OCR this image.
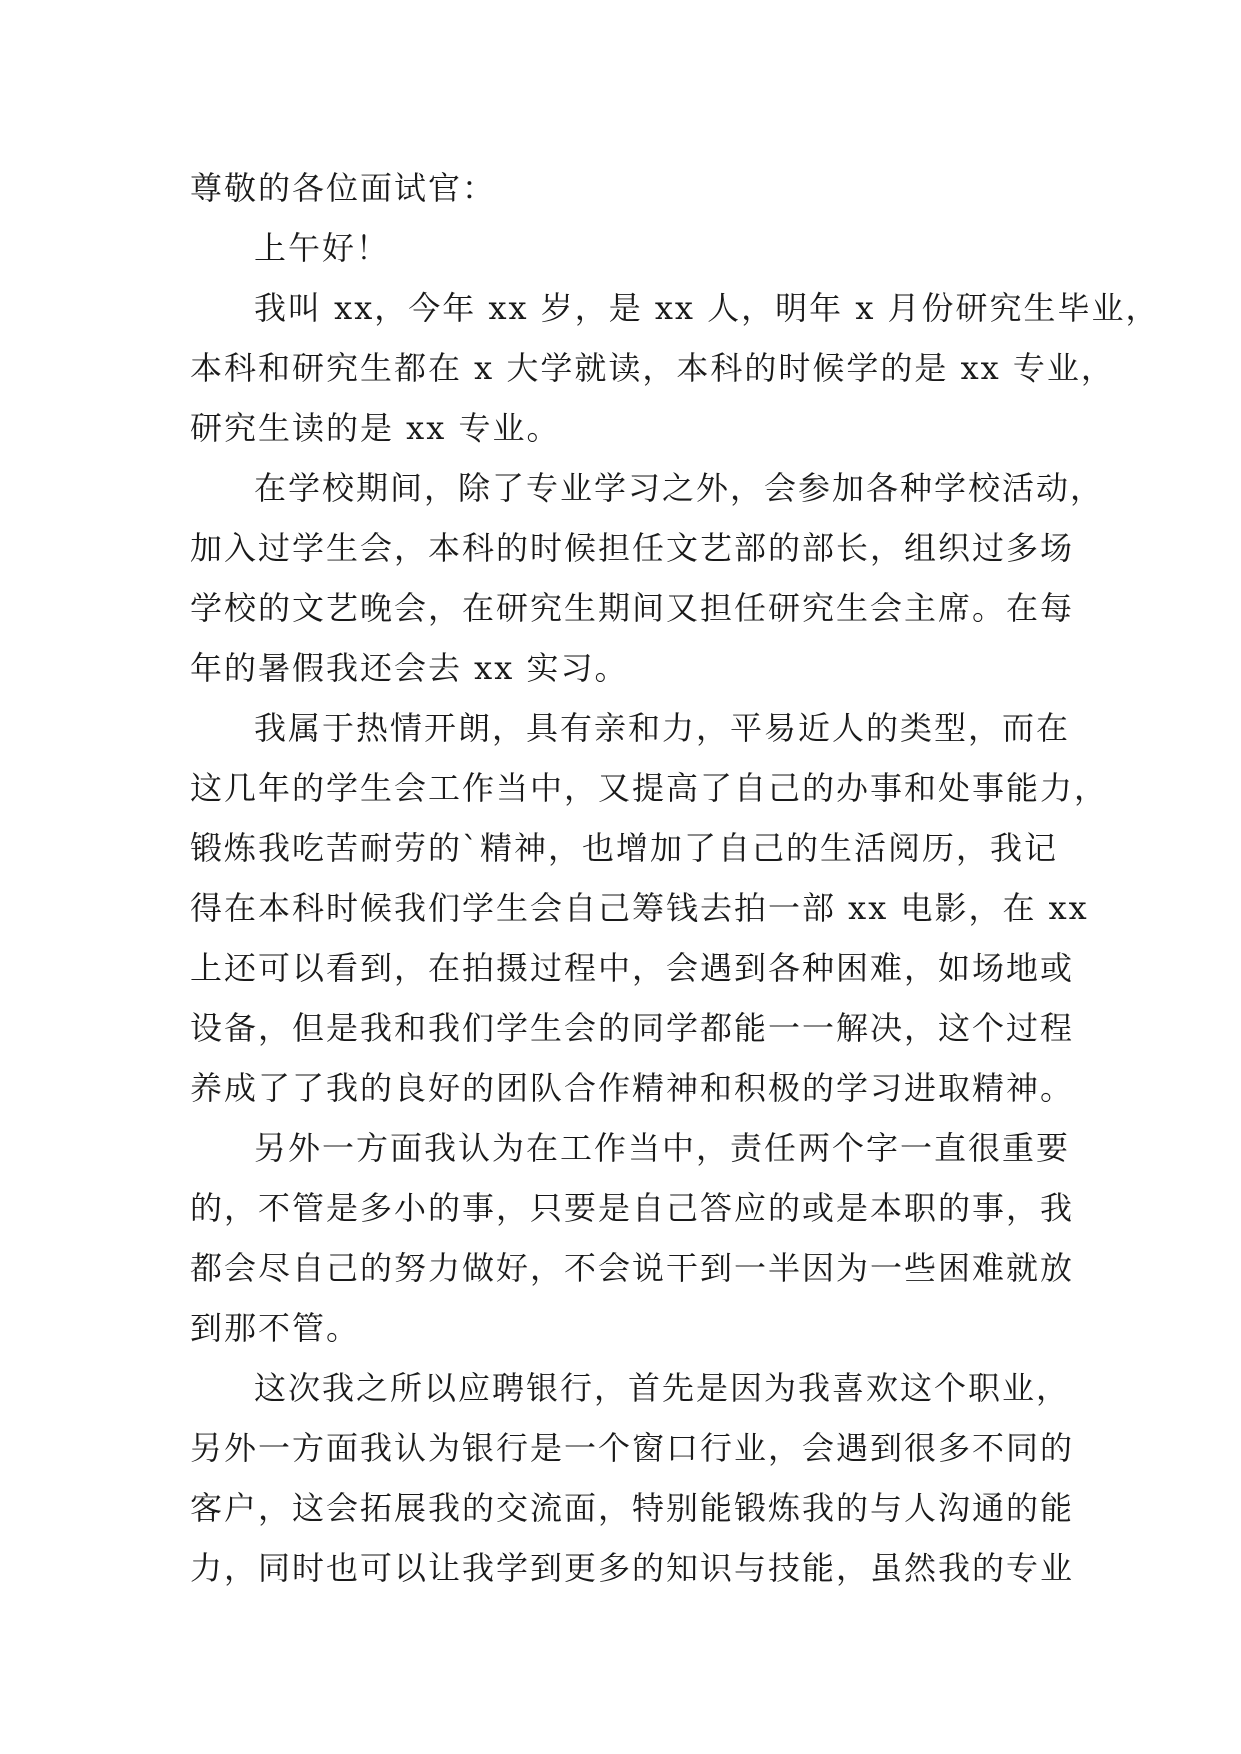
尊敬的各位面试官：
上午好！
我叫 xx，今年 xx 岁，是 xx 人，明年 x 月份研究生毕业，
本科和研究生都在 x 大学就读，本科的时候学的是 xx 专业，
研究生读的是 xx 专业。
在学校期间，除了专业学习之外，会参加各种学校活动，
加入过学生会，本科的时候担任文艺部的部长，组织过多场
学校的文艺晚会，在研究生期间又担任研究生会主席。在每
年的暑假我还会去 xx 实习。
我属于热情开朗，具有亲和力，平易近人的类型，而在
这几年的学生会工作当中，又提高了自己的办事和处事能力，
锻炼我吃苦耐劳的`精神，也增加了自己的生活阅历，我记
得在本科时候我们学生会自己筹钱去拍一部 xx 电影，在 xx
上还可以看到，在拍摄过程中，会遇到各种困难，如场地或
设备，但是我和我们学生会的同学都能一一解决，这个过程
养成了了我的良好的团队合作精神和积极的学习进取精神。
另外一方面我认为在工作当中，责任两个字一直很重要
的，不管是多小的事，只要是自己答应的或是本职的事，我
都会尽自己的努力做好，不会说干到一半因为一些困难就放
到那不管。
这次我之所以应聘银行，首先是因为我喜欢这个职业，
另外一方面我认为银行是一个窗口行业，会遇到很多不同的
客户，这会拓展我的交流面，特别能锻炼我的与人沟通的能
力，同时也可以让我学到更多的知识与技能，虽然我的专业
